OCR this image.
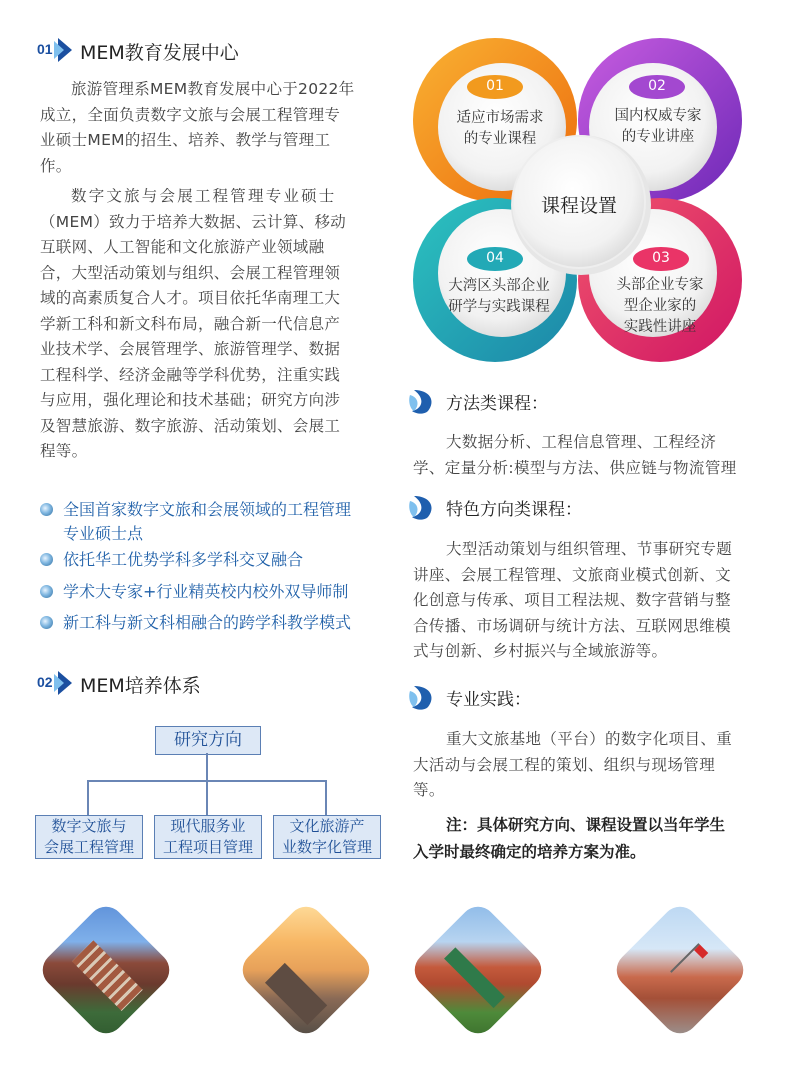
01 MEM教育发展中心
旅游管理系MEM教育发展中心于2022年
成立，全面负责数字文旅与会展工程管理专
业硕士MEM的招生、培养、教学与管理工
作。
数字文旅与会展工程管理专业硕士
（MEM）致力于培养大数据、云计算、移动
互联网、人工智能和文化旅游产业领域融
合，大型活动策划与组织、会展工程管理领
域的高素质复合人才。项目依托华南理工大
学新工科和新文科布局，融合新一代信息产
业技术学、会展管理学、旅游管理学、数据
工程科学、经济金融等学科优势，注重实践
与应用，强化理论和技术基础；研究方向涉
及智慧旅游、数字旅游、活动策划、会展工
程等。
全国首家数字文旅和会展领域的工程管理
专业硕士点
依托华工优势学科多学科交叉融合
学术大专家+行业精英校内校外双导师制
新工科与新文科相融合的跨学科教学模式
02 MEM培养体系
研究方向
数字文旅与
会展工程管理
现代服务业
工程项目管理
文化旅游产
业数字化管理
01	02
03
04
适应市场需求
的专业课程
国内权威专家
的专业讲座
头部企业专家
型企业家的
实践性讲座
大湾区头部企业
研学与实践课程
课程设置
方法类课程：
大数据分析、工程信息管理、工程经济
学、定量分析:模型与方法、供应链与物流管理
特色方向类课程：
大型活动策划与组织管理、节事研究专题
讲座、会展工程管理、文旅商业模式创新、文
化创意与传承、项目工程法规、数字营销与整
合传播、市场调研与统计方法、互联网思维模
式与创新、乡村振兴与全域旅游等。
专业实践：
重大文旅基地（平台）的数字化项目、重
大活动与会展工程的策划、组织与现场管理
等。
注：具体研究方向、课程设置以当年学生
入学时最终确定的培养方案为准。
